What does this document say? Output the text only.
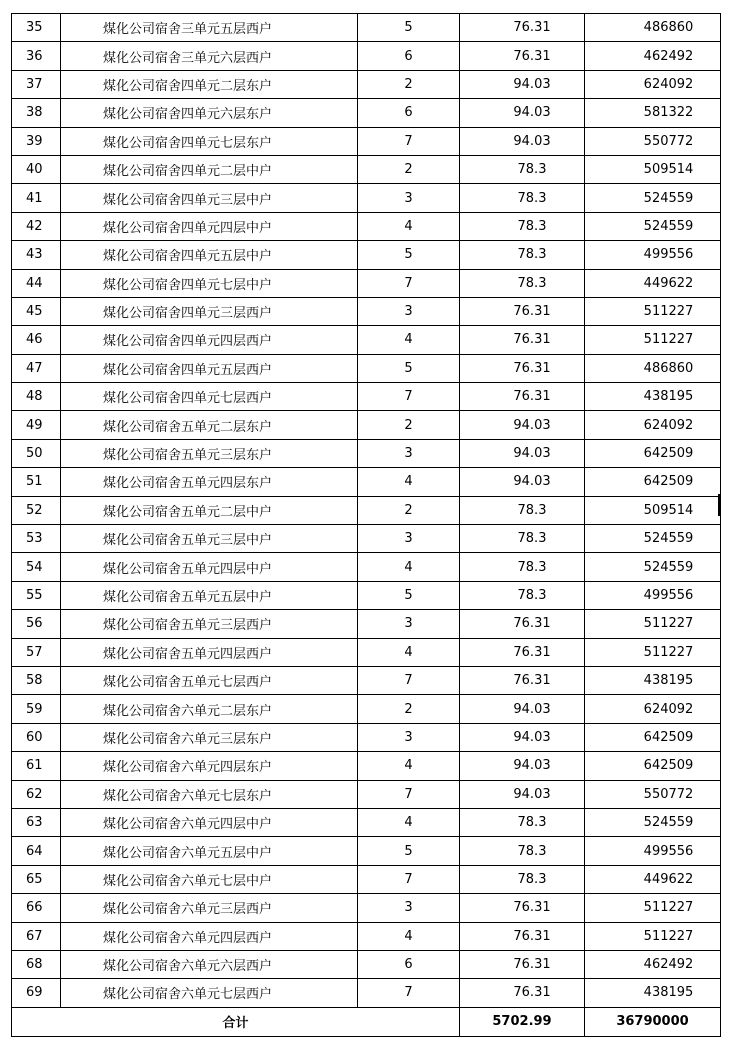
35	煤化公司宿舍三单元五层西户	5	76.31	486860
36	煤化公司宿舍三单元六层西户	6	76.31	462492
37	煤化公司宿舍四单元二层东户	2	94.03	624092
38	煤化公司宿舍四单元六层东户	6	94.03	581322
39	煤化公司宿舍四单元七层东户	7	94.03	550772
40	煤化公司宿舍四单元二层中户	2	78.3	509514
41	煤化公司宿舍四单元三层中户	3	78.3	524559
42	煤化公司宿舍四单元四层中户	4	78.3	524559
43	煤化公司宿舍四单元五层中户	5	78.3	499556
44	煤化公司宿舍四单元七层中户	7	78.3	449622
45	煤化公司宿舍四单元三层西户	3	76.31	511227
46	煤化公司宿舍四单元四层西户	4	76.31	511227
47	煤化公司宿舍四单元五层西户	5	76.31	486860
48	煤化公司宿舍四单元七层西户	7	76.31	438195
49	煤化公司宿舍五单元二层东户	2	94.03	624092
50	煤化公司宿舍五单元三层东户	3	94.03	642509
51	煤化公司宿舍五单元四层东户	4	94.03	642509
52	煤化公司宿舍五单元二层中户	2	78.3	509514
53	煤化公司宿舍五单元三层中户	3	78.3	524559
54	煤化公司宿舍五单元四层中户	4	78.3	524559
55	煤化公司宿舍五单元五层中户	5	78.3	499556
56	煤化公司宿舍五单元三层西户	3	76.31	511227
57	煤化公司宿舍五单元四层西户	4	76.31	511227
58	煤化公司宿舍五单元七层西户	7	76.31	438195
59	煤化公司宿舍六单元二层东户	2	94.03	624092
60	煤化公司宿舍六单元三层东户	3	94.03	642509
61	煤化公司宿舍六单元四层东户	4	94.03	642509
62	煤化公司宿舍六单元七层东户	7	94.03	550772
63	煤化公司宿舍六单元四层中户	4	78.3	524559
64	煤化公司宿舍六单元五层中户	5	78.3	499556
65	煤化公司宿舍六单元七层中户	7	78.3	449622
66	煤化公司宿舍六单元三层西户	3	76.31	511227
67	煤化公司宿舍六单元四层西户	4	76.31	511227
68	煤化公司宿舍六单元六层西户	6	76.31	462492
69	煤化公司宿舍六单元七层西户	7	76.31	438195
合计			5702.99	36790000
